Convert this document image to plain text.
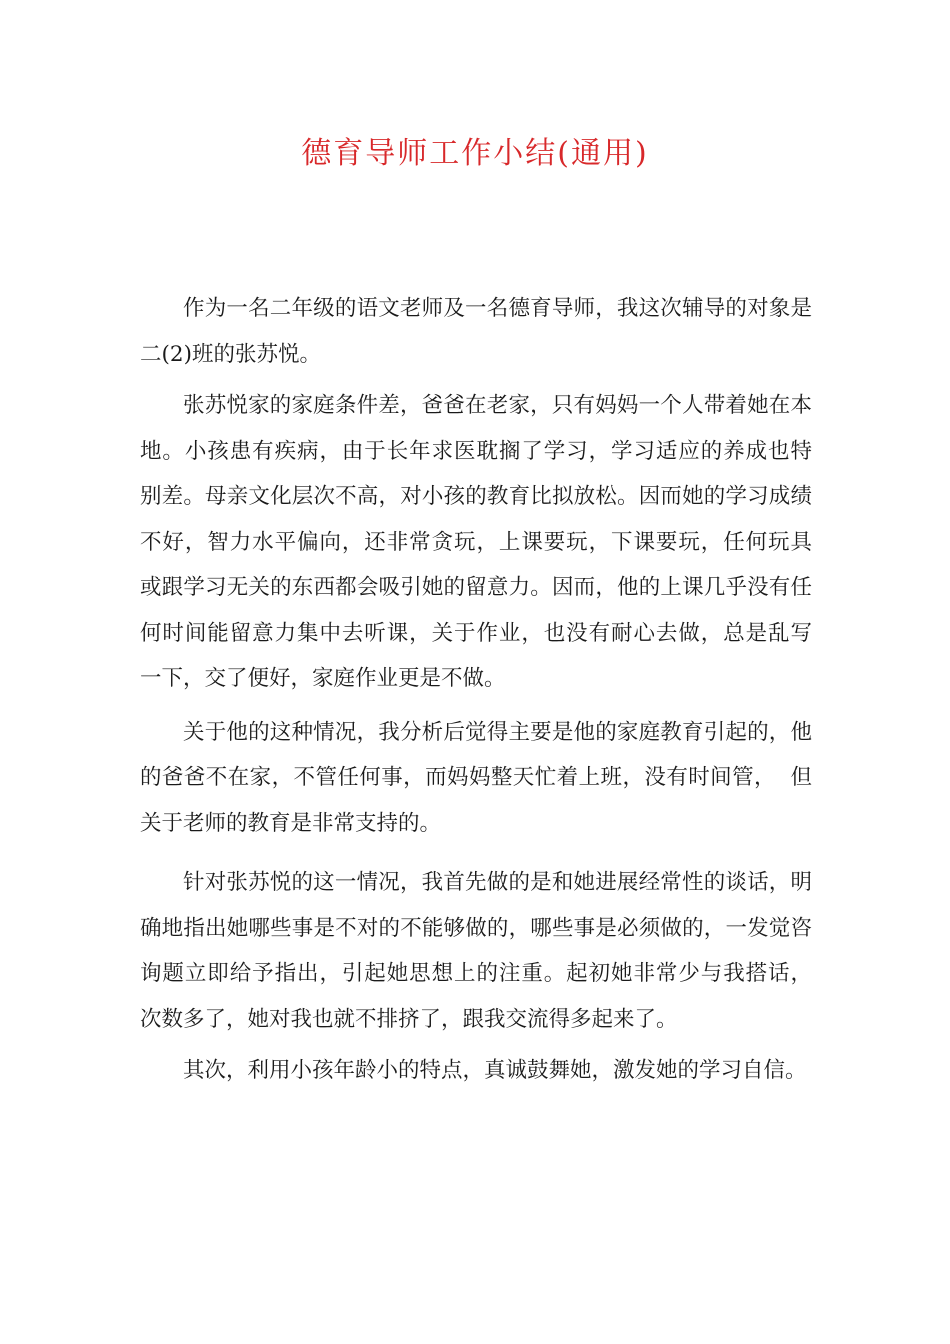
德育导师工作小结(通用)

作为一名二年级的语文老师及一名德育导师，我这次辅导的对象是二(2)班的张苏悦。

张苏悦家的家庭条件差，爸爸在老家，只有妈妈一个人带着她在本地。小孩患有疾病，由于长年求医耽搁了学习，学习适应的养成也特  别差。母亲文化层次不高，对小孩的教育比拟放松。因而她的学习成绩  不好，智力水平偏向，还非常贪玩，上课要玩，下课要玩，任何玩具  或跟学习无关的东西都会吸引她的留意力。因而，他的上课几乎没有任  何时间能留意力集中去听课，关于作业，也没有耐心去做，总是乱写  一下，交了便好，家庭作业更是不做。

关于他的这种情况，我分析后觉得主要是他的家庭教育引起的，他的爸爸不在家，不管任何事，而妈妈整天忙着上班，没有时间管，  但关于老师的教育是非常支持的。

针对张苏悦的这一情况，我首先做的是和她进展经常性的谈话，明确地指出她哪些事是不对的不能够做的，哪些事是必须做的，一发觉咨询题立即给予指出，引起她思想上的注重。起初她非常少与我搭话，  次数多了，她对我也就不排挤了，跟我交流得多起来了。

其次，利用小孩年龄小的特点，真诚鼓舞她，激发她的学习自信。
